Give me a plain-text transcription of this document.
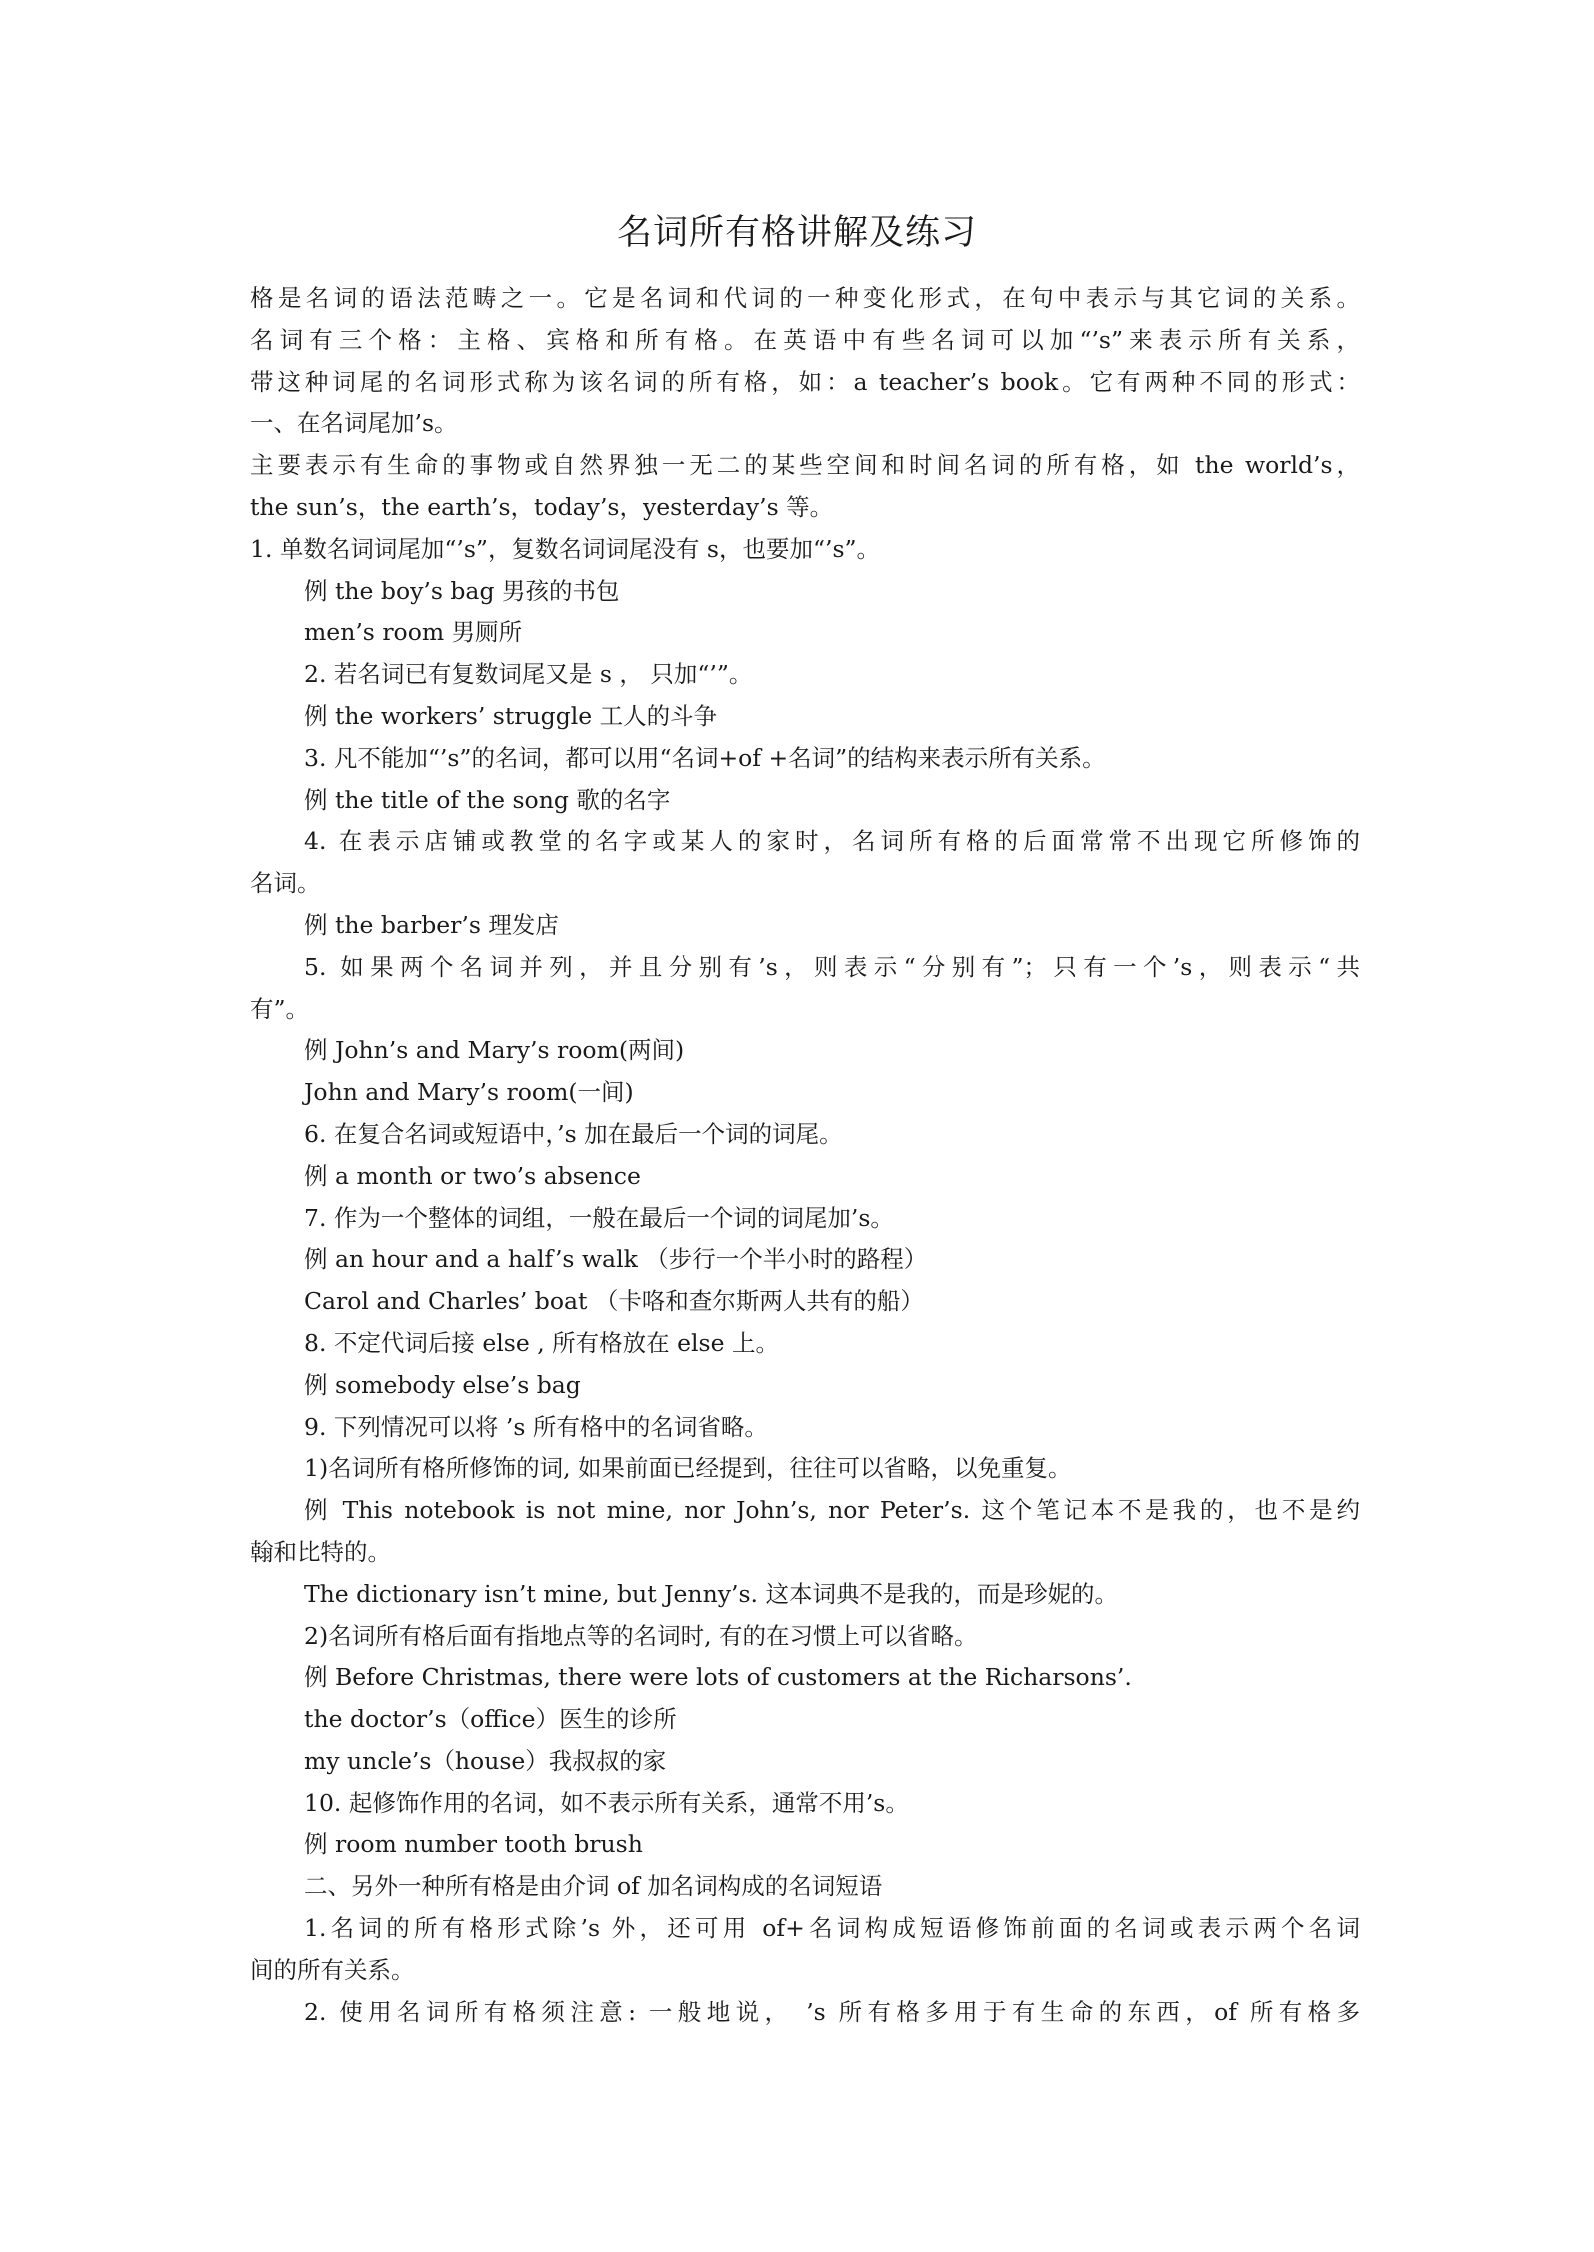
名词所有格讲解及练习
格是名词的语法范畴之一。它是名词和代词的一种变化形式，在句中表示与其它词的关系。
名词有三个格：主格、宾格和所有格。在英语中有些名词可以加“’s”来表示所有关系，
带这种词尾的名词形式称为该名词的所有格，如：a teacher’s book。它有两种不同的形式：
一、在名词尾加’s。
主要表示有生命的事物或自然界独一无二的某些空间和时间名词的所有格，如 the world’s，
the sun’s，the earth’s，today’s，yesterday’s 等。
1. 单数名词词尾加“’s”，复数名词词尾没有 s，也要加“’s”。
例 the boy’s bag 男孩的书包
men’s room 男厕所
2. 若名词已有复数词尾又是 s ， 只加“’”。
例 the workers’ struggle 工人的斗争
3. 凡不能加“’s”的名词，都可以用“名词+of +名词”的结构来表示所有关系。
例 the title of the song 歌的名字
4. 在表示店铺或教堂的名字或某人的家时，名词所有格的后面常常不出现它所修饰的
名词。
例 the barber’s 理发店
5. 如果两个名词并列，并且分别有’s，则表示“分别有”；只有一个’s，则表示“共
有”。
例 John’s and Mary’s room(两间)
John and Mary’s room(一间)
6. 在复合名词或短语中，’s 加在最后一个词的词尾。
例 a month or two’s absence
7. 作为一个整体的词组，一般在最后一个词的词尾加’s。
例 an hour and a half’s walk （步行一个半小时的路程）
Carol and Charles’ boat （卡咯和查尔斯两人共有的船）
8. 不定代词后接 else , 所有格放在 else 上。
例 somebody else’s bag
9. 下列情况可以将 ’s 所有格中的名词省略。
1)名词所有格所修饰的词, 如果前面已经提到，往往可以省略，以免重复。
例 This notebook is not mine, nor John’s, nor Peter’s. 这个笔记本不是我的，也不是约
翰和比特的。
The dictionary isn’t mine, but Jenny’s. 这本词典不是我的，而是珍妮的。
2)名词所有格后面有指地点等的名词时, 有的在习惯上可以省略。
例 Before Christmas, there were lots of customers at the Richarsons’.
the doctor’s（office）医生的诊所
my uncle’s（house）我叔叔的家
10. 起修饰作用的名词，如不表示所有关系，通常不用’s。
例 room number tooth brush
二、另外一种所有格是由介词 of 加名词构成的名词短语
1.名词的所有格形式除’s 外，还可用 of+名词构成短语修饰前面的名词或表示两个名词
间的所有关系。
2. 使用名词所有格须注意: 一般地说， ’s 所有格多用于有生命的东西，of 所有格多
